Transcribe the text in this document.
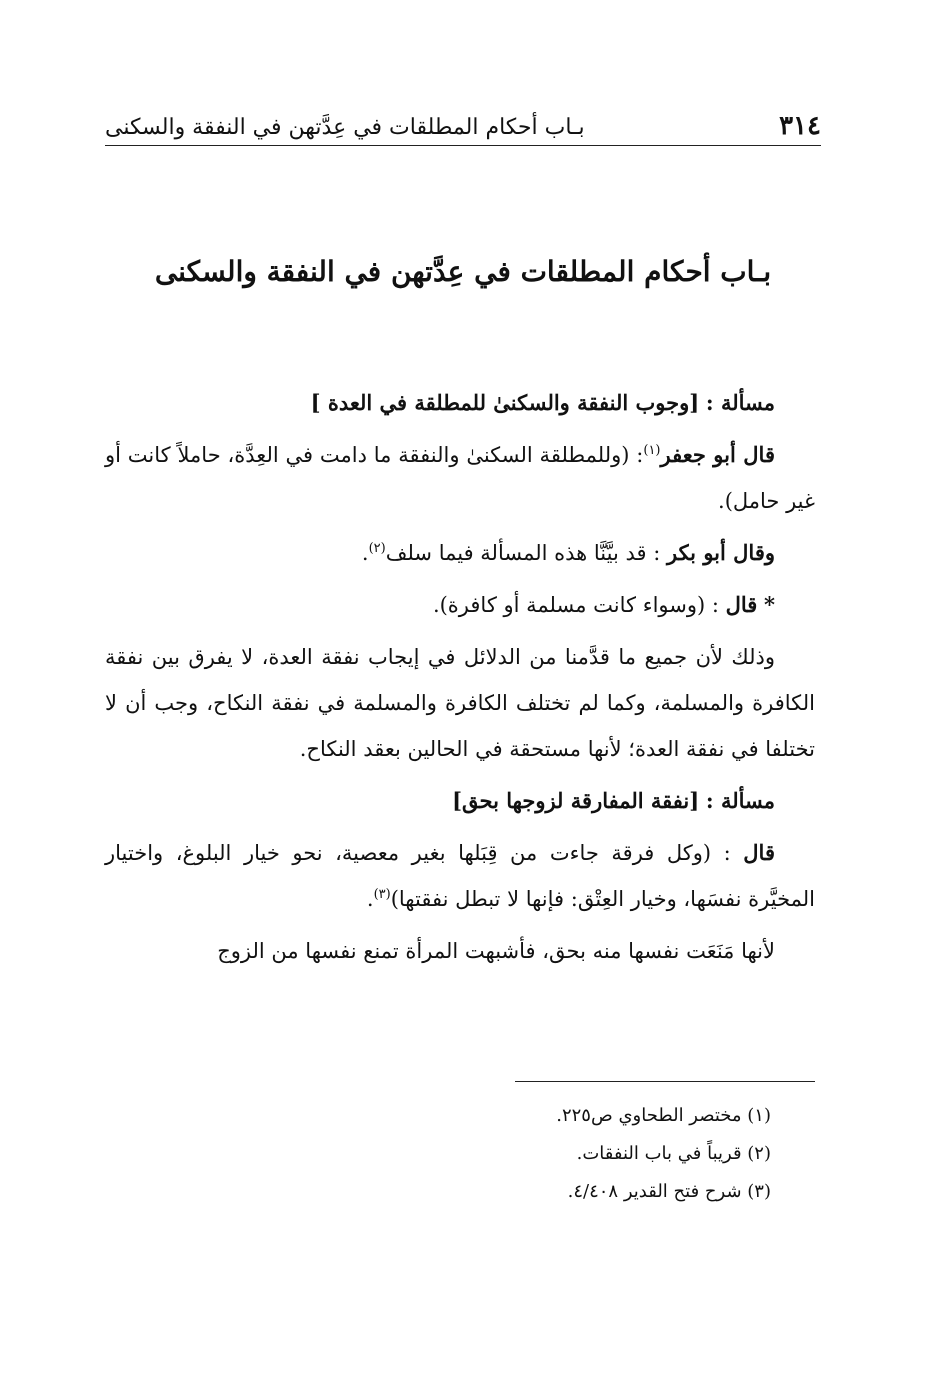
٣١٤
بـاب أحكام المطلقات في عِدَّتهن في النفقة والسكنى
بـاب أحكام المطلقات في عِدَّتهن في النفقة والسكنى

مسألة : [وجوب النفقة والسكنىٰ للمطلقة في العدة ]

قال أبو جعفر$^{(١)}$: (وللمطلقة السكنىٰ والنفقة ما دامت في العِدَّة، حاملاً كانت أو غير حامل).

وقال أبو بكر : قد بيَّنَّا هذه المسألة فيما سلف$^{(٢)}$.

* قال : (وسواء كانت مسلمة أو كافرة).

وذلك لأن جميع ما قدَّمنا من الدلائل في إيجاب نفقة العدة، لا يفرق بين نفقة الكافرة والمسلمة، وكما لم تختلف الكافرة والمسلمة في نفقة النكاح، وجب أن لا تختلفا في نفقة العدة؛ لأنها مستحقة في الحالين بعقد النكاح.

مسألة : [نفقة المفارقة لزوجها بحق]

قال : (وكل فرقة جاءت من قِبَلها بغير معصية، نحو خيار البلوغ، واختيار المخيَّرة نفسَها، وخيار العِتْق: فإنها لا تبطل نفقتها)$^{(٣)}$.

لأنها مَنَعَت نفسها منه بحق، فأشبهت المرأة تمنع نفسها من الزوج

(١) مختصر الطحاوي ص٢٢٥.

(٢) قريباً في باب النفقات.

(٣) شرح فتح القدير ٤/٤٠٨.
